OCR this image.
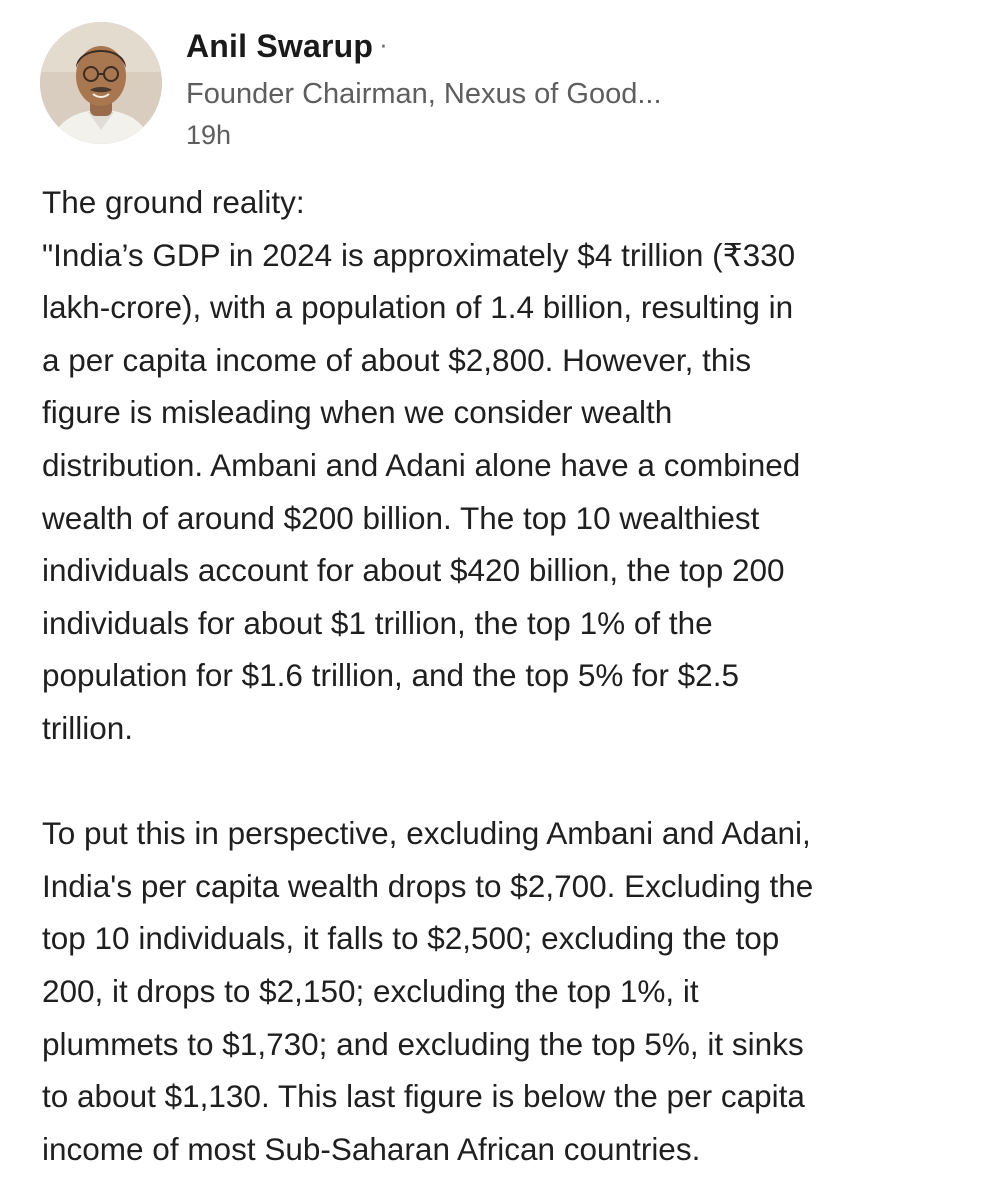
Anil Swarup ·
Founder Chairman, Nexus of Good...
19h
The ground reality:
"India’s GDP in 2024 is approximately $4 trillion (₹330
lakh-crore), with a population of 1.4 billion, resulting in
a per capita income of about $2,800. However, this
figure is misleading when we consider wealth
distribution. Ambani and Adani alone have a combined
wealth of around $200 billion. The top 10 wealthiest
individuals account for about $420 billion, the top 200
individuals for about $1 trillion, the top 1% of the
population for $1.6 trillion, and the top 5% for $2.5
trillion.
To put this in perspective, excluding Ambani and Adani,
India's per capita wealth drops to $2,700. Excluding the
top 10 individuals, it falls to $2,500; excluding the top
200, it drops to $2,150; excluding the top 1%, it
plummets to $1,730; and excluding the top 5%, it sinks
to about $1,130. This last figure is below the per capita
income of most Sub-Saharan African countries.
